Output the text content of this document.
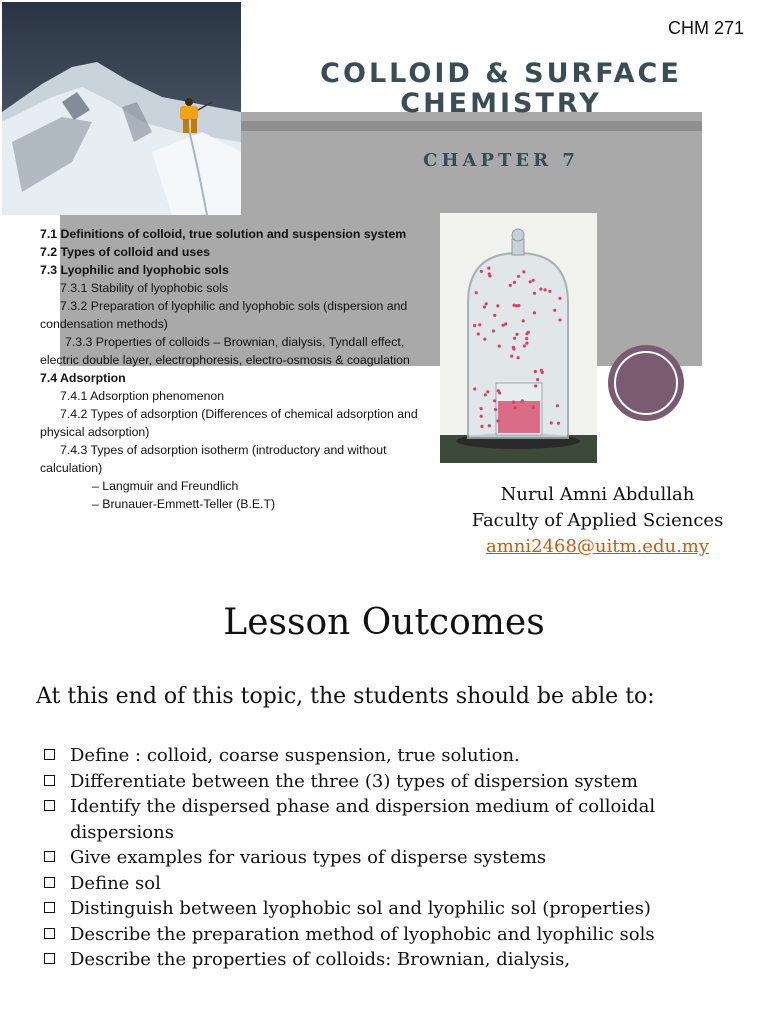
CHM 271
COLLOID & SURFACE
CHEMISTRY
CHAPTER 7
7.1 Definitions of colloid, true solution and suspension system
7.2 Types of colloid and uses
7.3 Lyophilic and lyophobic sols
7.3.1 Stability of lyophobic sols
7.3.2 Preparation of lyophilic and lyophobic sols (dispersion and condensation methods)
7.3.3 Properties of colloids – Brownian, dialysis, Tyndall effect, electric double layer, electrophoresis, electro-osmosis & coagulation
7.4 Adsorption
7.4.1 Adsorption phenomenon
7.4.2 Types of adsorption (Differences of chemical adsorption and physical adsorption)
7.4.3 Types of adsorption isotherm (introductory and without calculation)
– Langmuir and Freundlich
– Brunauer-Emmett-Teller (B.E.T)	Nurul Amni Abdullah
Faculty of Applied Sciences
amni2468@uitm.edu.my
Lesson Outcomes
At this end of this topic, the students should be able to:
Define : colloid, coarse suspension, true solution.
Differentiate between the three (3) types of dispersion system
Identify the dispersed phase and dispersion medium of colloidal dispersions
Give examples for various types of disperse systems
Define sol
Distinguish between lyophobic sol and lyophilic sol (properties)
Describe the preparation method of lyophobic and lyophilic sols
Describe the properties of colloids: Brownian, dialysis,
